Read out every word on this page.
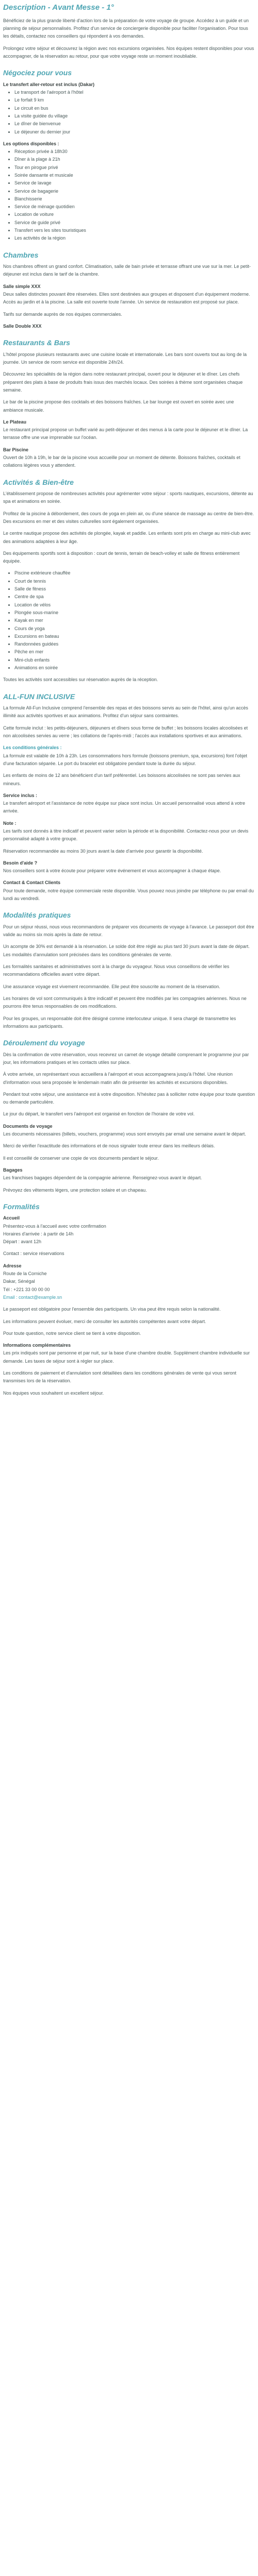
Description - Avant Messe - 1°

Bénéficiez de la plus grande liberté d'action lors de la préparation de votre voyage de groupe. Accédez à un guide et un planning de séjour personnalisés. Profitez d'un service de conciergerie disponible pour faciliter l'organisation. Pour tous les détails, contactez nos conseillers qui répondent à vos demandes.

Prolongez votre séjour et découvrez la région avec nos excursions organisées. Nos équipes restent disponibles pour vous accompagner, de la réservation au retour, pour que votre voyage reste un moment inoubliable.

Négociez pour vous
Le transfert aller-retour est inclus (Dakar)
• Le transport de l'aéroport à l'hôtel
• Le forfait 9 km
• Le circuit en bus
• La visite guidée du village
• Le dîner de bienvenue
• Le déjeuner du dernier jour
Les options disponibles :
• Réception privée à 18h30
• Dîner à la plage à 21h
• Tour en pirogue privé
• Soirée dansante et musicale
• Service de lavage
• Service de bagagerie
• Blanchisserie
• Service de ménage quotidien
• Location de voiture
• Service de guide privé
• Transfert vers les sites touristiques
• Les activités de la région
Chambres

Nos chambres offrent un grand confort. Climatisation, salle de bain privée et terrasse offrant une vue sur la mer. Le petit-déjeuner est inclus dans le tarif de la chambre.

Salle simple XXX

Deux salles distinctes pouvant être réservées. Elles sont destinées aux groupes et disposent d'un équipement moderne. Accès au jardin et à la piscine. La salle est ouverte toute l'année. Un service de restauration est proposé sur place.

Tarifs sur demande auprès de nos équipes commerciales.

Salle Double XXX
Restaurants & Bars

L'hôtel propose plusieurs restaurants avec une cuisine locale et internationale. Les bars sont ouverts tout au long de la journée. Un service de room service est disponible 24h/24.

Découvrez les spécialités de la région dans notre restaurant principal, ouvert pour le déjeuner et le dîner. Les chefs préparent des plats à base de produits frais issus des marchés locaux. Des soirées à thème sont organisées chaque semaine.

Le bar de la piscine propose des cocktails et des boissons fraîches. Le bar lounge est ouvert en soirée avec une ambiance musicale.

Le Plateau

Le restaurant principal propose un buffet varié au petit-déjeuner et des menus à la carte pour le déjeuner et le dîner. La terrasse offre une vue imprenable sur l'océan.

Bar Piscine

Ouvert de 10h à 19h, le bar de la piscine vous accueille pour un moment de détente. Boissons fraîches, cocktails et collations légères vous y attendent.

Activités & Bien-être

L'établissement propose de nombreuses activités pour agrémenter votre séjour : sports nautiques, excursions, détente au spa et animations en soirée.

Profitez de la piscine à débordement, des cours de yoga en plein air, ou d'une séance de massage au centre de bien-être. Des excursions en mer et des visites culturelles sont également organisées.

Le centre nautique propose des activités de plongée, kayak et paddle. Les enfants sont pris en charge au mini-club avec des animations adaptées à leur âge.

Des équipements sportifs sont à disposition : court de tennis, terrain de beach-volley et salle de fitness entièrement équipée.

• Piscine extérieure chauffée
• Court de tennis
• Salle de fitness
• Centre de spa
• Location de vélos
• Plongée sous-marine
• Kayak en mer
• Cours de yoga
• Excursions en bateau
• Randonnées guidées
• Pêche en mer
• Mini-club enfants
• Animations en soirée

Toutes les activités sont accessibles sur réservation auprès de la réception.

ALL-FUN INCLUSIVE

La formule All-Fun Inclusive comprend l'ensemble des repas et des boissons servis au sein de l'hôtel, ainsi qu'un accès illimité aux activités sportives et aux animations. Profitez d'un séjour sans contraintes.

Cette formule inclut : les petits-déjeuners, déjeuners et dîners sous forme de buffet ; les boissons locales alcoolisées et non alcoolisées servies au verre ; les collations de l'après-midi ; l'accès aux installations sportives et aux animations.

Les conditions générales :

La formule est valable de 10h à 23h. Les consommations hors formule (boissons premium, spa, excursions) font l'objet d'une facturation séparée. Le port du bracelet est obligatoire pendant toute la durée du séjour.

Les enfants de moins de 12 ans bénéficient d'un tarif préférentiel. Les boissons alcoolisées ne sont pas servies aux mineurs.

Service inclus :

Le transfert aéroport et l'assistance de notre équipe sur place sont inclus. Un accueil personnalisé vous attend à votre arrivée.

Note :

Les tarifs sont donnés à titre indicatif et peuvent varier selon la période et la disponibilité. Contactez-nous pour un devis personnalisé adapté à votre groupe.

Réservation recommandée au moins 30 jours avant la date d'arrivée pour garantir la disponibilité.

Besoin d'aide ?

Nos conseillers sont à votre écoute pour préparer votre événement et vous accompagner à chaque étape.

Contact & Contact Clients

Pour toute demande, notre équipe commerciale reste disponible. Vous pouvez nous joindre par téléphone ou par email du lundi au vendredi.

Modalités pratiques

Pour un séjour réussi, nous vous recommandons de préparer vos documents de voyage à l'avance. Le passeport doit être valide au moins six mois après la date de retour.

Un acompte de 30% est demandé à la réservation. Le solde doit être réglé au plus tard 30 jours avant la date de départ. Les modalités d'annulation sont précisées dans les conditions générales de vente.

Les formalités sanitaires et administratives sont à la charge du voyageur. Nous vous conseillons de vérifier les recommandations officielles avant votre départ.

Une assurance voyage est vivement recommandée. Elle peut être souscrite au moment de la réservation.

Les horaires de vol sont communiqués à titre indicatif et peuvent être modifiés par les compagnies aériennes. Nous ne pourrons être tenus responsables de ces modifications.

Pour les groupes, un responsable doit être désigné comme interlocuteur unique. Il sera chargé de transmettre les informations aux participants.

Déroulement du voyage

Dès la confirmation de votre réservation, vous recevrez un carnet de voyage détaillé comprenant le programme jour par jour, les informations pratiques et les contacts utiles sur place.

À votre arrivée, un représentant vous accueillera à l'aéroport et vous accompagnera jusqu'à l'hôtel. Une réunion d'information vous sera proposée le lendemain matin afin de présenter les activités et excursions disponibles.

Pendant tout votre séjour, une assistance est à votre disposition. N'hésitez pas à solliciter notre équipe pour toute question ou demande particulière.

Le jour du départ, le transfert vers l'aéroport est organisé en fonction de l'horaire de votre vol.

Documents de voyage

Les documents nécessaires (billets, vouchers, programme) vous sont envoyés par email une semaine avant le départ.

Merci de vérifier l'exactitude des informations et de nous signaler toute erreur dans les meilleurs délais.

Il est conseillé de conserver une copie de vos documents pendant le séjour.

Bagages

Les franchises bagages dépendent de la compagnie aérienne. Renseignez-vous avant le départ.

Prévoyez des vêtements légers, une protection solaire et un chapeau.

Formalités
Accueil

Présentez-vous à l'accueil avec votre confirmation

Horaires d'arrivée : à partir de 14h

Départ : avant 12h

Contact : service réservations

Adresse

Route de la Corniche

Dakar, Sénégal

Tél : +221 33 00 00 00

Email : contact@example.sn

Le passeport est obligatoire pour l'ensemble des participants. Un visa peut être requis selon la nationalité.

Les informations peuvent évoluer, merci de consulter les autorités compétentes avant votre départ.

Pour toute question, notre service client se tient à votre disposition.

Informations complémentaires

Les prix indiqués sont par personne et par nuit, sur la base d'une chambre double. Supplément chambre individuelle sur demande. Les taxes de séjour sont à régler sur place.

Les conditions de paiement et d'annulation sont détaillées dans les conditions générales de vente qui vous seront transmises lors de la réservation.

Nos équipes vous souhaitent un excellent séjour.
